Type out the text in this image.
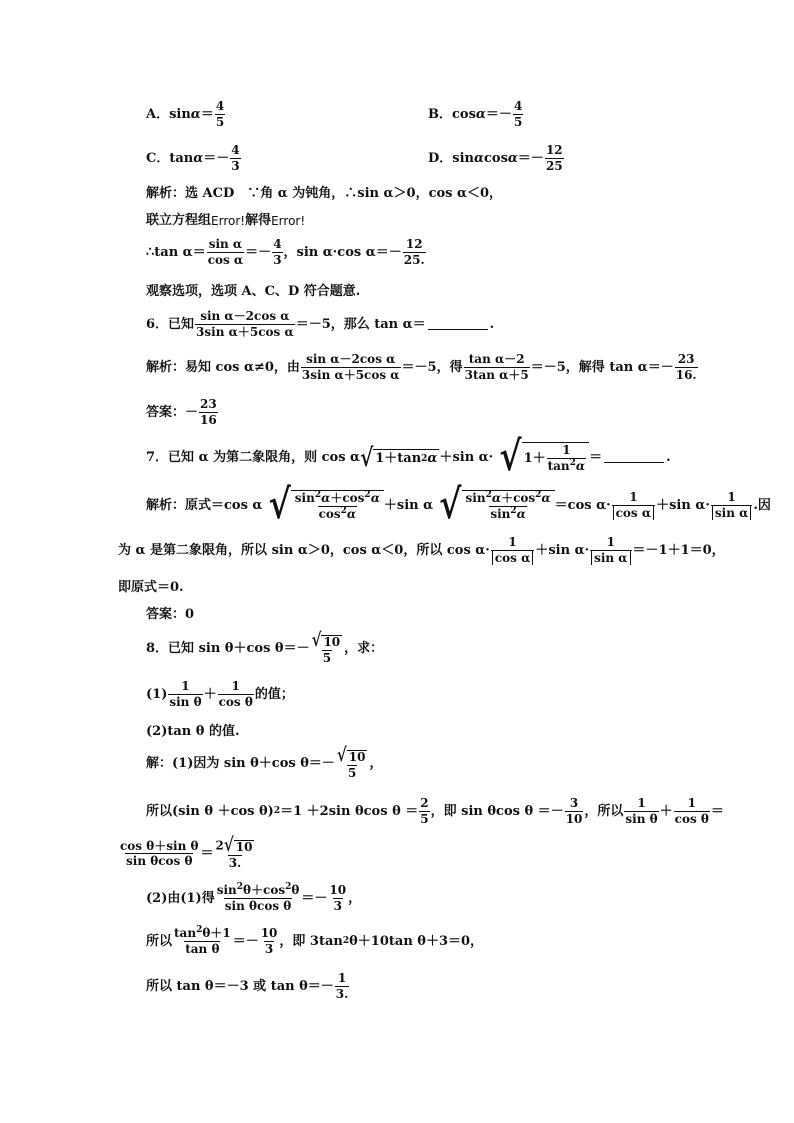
A．$\sin \alpha = \frac{4}{5}$	B．$\cos \alpha =- \frac{4}{5}$
C．$\tan \alpha =- \frac{4}{3}$	D．sin α $\cos \alpha =- \frac{12}{25}$
解析：选 ACD　∵角 α 为钝角，∴sin α＞0，cos α＜0，
联立方程组 Error! 解得 Error!
∴tan $\alpha= \frac{\text{sin α}}{\text{cos α}} =- \frac{4}{3}$ ，sin α·cos $\alpha=- \frac{12}{25.}$
观察选项，选项 A、C、D 符合题意.
6．已知 $\frac{\text{sin α－2cos α}}{\text{3sin α＋5cos α}} =-5$，那么 tan α＝	.
解析：易知 cos α≠0，由 $\frac{\text{sin α－2cos α}}{\text{3sin α＋5cos α}} =-5$，得 $\frac{\text{tan α－2}}{\text{3tan α＋5}} =-5$，解得 $\tan \alpha=- \frac{23}{16.}$
答案：－ $\frac{23}{16}$
7．已知 α 为第二象限角，则 cos α √ 1＋tan 2 α ＋sin α· √ $1+ \frac{1}{\tan^2\alpha}$ ＝	.
解析：原式＝cos α √ $\frac{\sin^2\alpha+\cos^2\alpha}{\cos^2\alpha} +\sin$ α √ $\frac{\sin^2\alpha+\cos^2\alpha}{\sin^2\alpha} =\cos$ $\alpha\cdot \frac{1}{\text{cos α}} +\sin$ $\alpha\cdot \frac{1}{\text{sin α}}$ .因
为 α 是第二象限角，所以 sin α＞0，cos α＜0，所以 $\cos \alpha\cdot \frac{1}{\text{cos α}} +\sin$ $\alpha\cdot \frac{1}{\text{sin α}} =-1+1=0$，
即原式＝0.
答案：0
8．已知 sin θ＋cos $\theta=- \frac{√ 10}{5}$ ，求：
$(1) \frac{1}{\text{sin θ}} + \frac{1}{\text{cos θ}}$ 的值；
(2)tan θ 的值.
解：(1)因为 sin θ＋cos $\theta=- \frac{√ 10}{5}$ ，
所以(sin θ ＋cos θ) 2 ＝1 ＋2sin θcos $\theta = \frac{2}{5}$ ，即 sin θcos $\theta =- \frac{3}{10}$ ，所以 $\frac{1}{\text{sin θ}} + \frac{1}{\text{cos θ}}$ ＝
$\frac{\text{cos θ＋sin θ}}{\text{sin θcos θ}} = \frac{2 √ 10}{3.}$
(2)由(1)得 $\frac{\sin^2\theta+\cos^2\theta}{\text{sin θcos θ}} =- \frac{10}{3}$ ，
所以 $\frac{\tan^2\theta+1}{\text{tan θ}} =- \frac{10}{3}$ ，即 3tan 2 θ＋10tan θ＋3＝0，
所以 tan θ＝－3 或 $\tan \theta=- \frac{1}{3.}$
